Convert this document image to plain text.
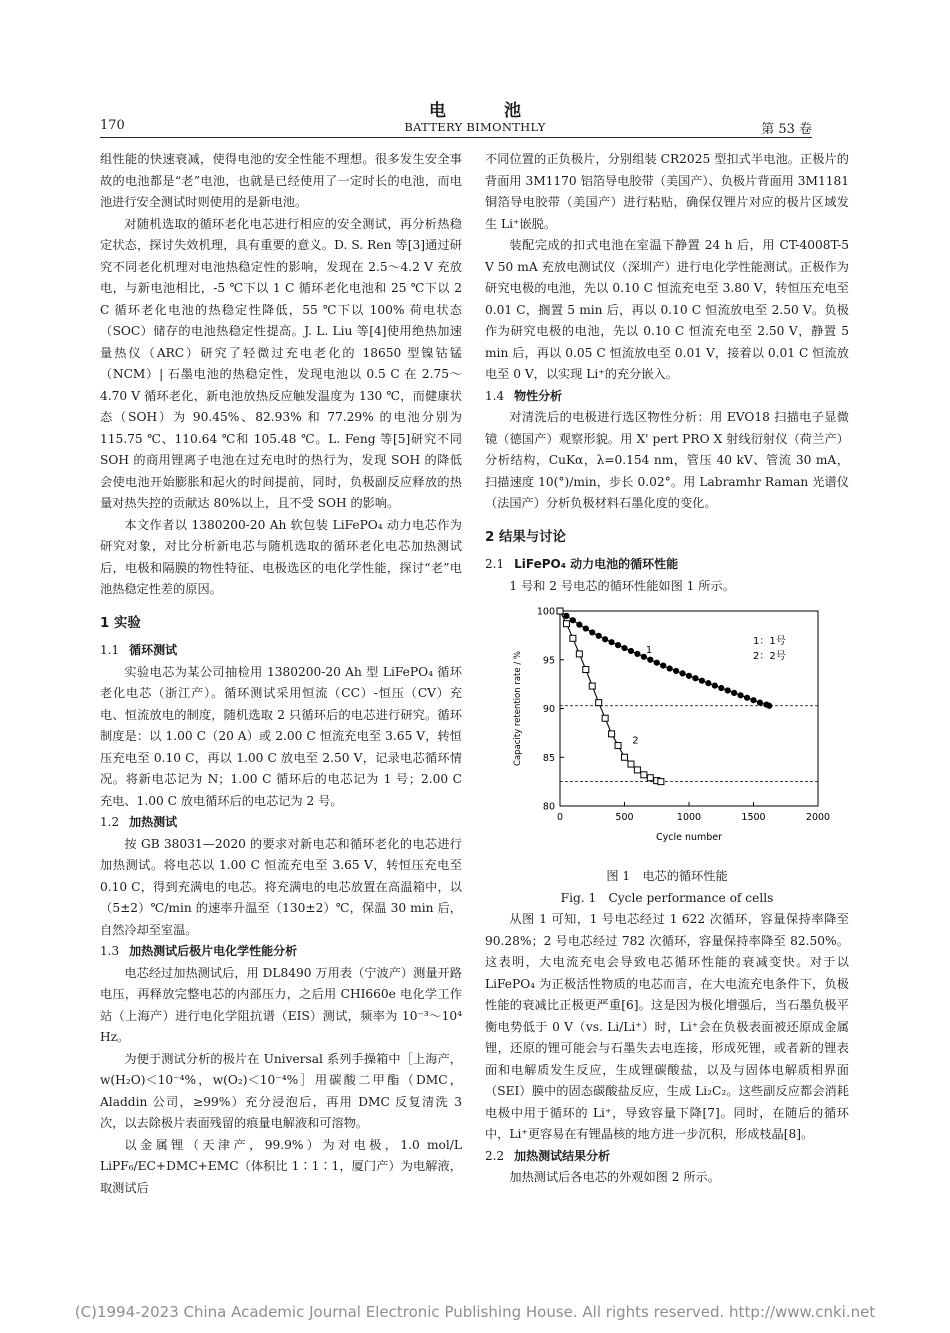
电池
170	BATTERY BIMONTHLY	第 53 卷

组性能的快速衰减，使得电池的安全性能不理想。很多发生安全事故的电池都是“老”电池，也就是已经使用了一定时长的电池，而电池进行安全测试时则使用的是新电池。

对随机选取的循环老化电芯进行相应的安全测试，再分析热稳定状态，探讨失效机理，具有重要的意义。D. S. Ren 等[3]通过研究不同老化机理对电池热稳定性的影响，发现在 2.5～4.2 V 充放电，与新电池相比，-5 ℃下以 1 C 循环老化电池和 25 ℃下以 2 C 循环老化电池的热稳定性降低，55 ℃下以 100% 荷电状态（SOC）储存的电池热稳定性提高。J. L. Liu 等[4]使用绝热加速量热仪（ARC）研究了轻微过充电老化的 18650 型镍钴锰（NCM）| 石墨电池的热稳定性，发现电池以 0.5 C 在 2.75～4.70 V 循环老化，新电池放热反应触发温度为 130 ℃，而健康状态（SOH）为 90.45%、82.93% 和 77.29% 的电池分别为 115.75 ℃、110.64 ℃和 105.48 ℃。L. Feng 等[5]研究不同 SOH 的商用锂离子电池在过充电时的热行为，发现 SOH 的降低会使电池开始膨胀和起火的时间提前，同时，负极副反应释放的热量对热失控的贡献达 80%以上，且不受 SOH 的影响。

本文作者以 1380200-20 Ah 软包装 LiFePO₄ 动力电芯作为研究对象，对比分析新电芯与随机选取的循环老化电芯加热测试后，电极和隔膜的物性特征、电极选区的电化学性能，探讨“老”电池热稳定性差的原因。

1 实验
1.1 循环测试

实验电芯为某公司抽检用 1380200-20 Ah 型 LiFePO₄ 循环老化电芯（浙江产）。循环测试采用恒流（CC）-恒压（CV）充电、恒流放电的制度，随机选取 2 只循环后的电芯进行研究。循环制度是：以 1.00 C（20 A）或 2.00 C 恒流充电至 3.65 V，转恒压充电至 0.10 C，再以 1.00 C 放电至 2.50 V，记录电芯循环情况。将新电芯记为 N；1.00 C 循环后的电芯记为 1 号；2.00 C 充电、1.00 C 放电循环后的电芯记为 2 号。

1.2 加热测试

按 GB 38031—2020 的要求对新电芯和循环老化的电芯进行加热测试。将电芯以 1.00 C 恒流充电至 3.65 V，转恒压充电至 0.10 C，得到充满电的电芯。将充满电的电芯放置在高温箱中，以（5±2）℃/min 的速率升温至（130±2）℃，保温 30 min 后，自然冷却至室温。

1.3 加热测试后极片电化学性能分析

电芯经过加热测试后，用 DL8490 万用表（宁波产）测量开路电压，再释放完整电芯的内部压力，之后用 CHI660e 电化学工作站（上海产）进行电化学阻抗谱（EIS）测试，频率为 10⁻³～10⁴ Hz。

为便于测试分析的极片在 Universal 系列手操箱中［上海产，w(H₂O)＜10⁻⁴%，w(O₂)＜10⁻⁴%］用碳酸二甲酯（DMC，Aladdin 公司，≥99%）充分浸泡后，再用 DMC 反复清洗 3 次，以去除极片表面残留的痕量电解液和可溶物。

以金属锂（天津产，99.9%）为对电极，1.0 mol/L LiPF₆/EC+DMC+EMC（体积比 1∶1∶1，厦门产）为电解液，取测试后

不同位置的正负极片，分别组装 CR2025 型扣式半电池。正极片的背面用 3M1170 铝箔导电胶带（美国产）、负极片背面用 3M1181 铜箔导电胶带（美国产）进行粘贴，确保仅锂片对应的极片区域发生 Li⁺嵌脱。

装配完成的扣式电池在室温下静置 24 h 后，用 CT-4008T-5 V 50 mA 充放电测试仪（深圳产）进行电化学性能测试。正极作为研究电极的电池，先以 0.10 C 恒流充电至 3.80 V，转恒压充电至 0.01 C，搁置 5 min 后，再以 0.10 C 恒流放电至 2.50 V。负极作为研究电极的电池，先以 0.10 C 恒流充电至 2.50 V，静置 5 min 后，再以 0.05 C 恒流放电至 0.01 V，接着以 0.01 C 恒流放电至 0 V，以实现 Li⁺的充分嵌入。

1.4 物性分析

对清洗后的电极进行选区物性分析：用 EVO18 扫描电子显微镜（德国产）观察形貌。用 X' pert PRO X 射线衍射仪（荷兰产）分析结构，CuKα，λ=0.154 nm，管压 40 kV、管流 30 mA，扫描速度 10(°)/min，步长 0.02°。用 Labramhr Raman 光谱仪（法国产）分析负极材料石墨化度的变化。

2 结果与讨论
2.1 LiFePO₄ 动力电池的循环性能

1 号和 2 号电芯的循环性能如图 1 所示。

0	500	1000	1500	2000
80
85
90
95
100
Cycle number
Capacity retention rate / %
1
2
1：1号
2：2号
图 1　电芯的循环性能
Fig. 1　Cycle performance of cells

从图 1 可知，1 号电芯经过 1 622 次循环，容量保持率降至 90.28%；2 号电芯经过 782 次循环，容量保持率降至 82.50%。这表明，大电流充电会导致电芯循环性能的衰减变快。对于以 LiFePO₄ 为正极活性物质的电芯而言，在大电流充电条件下，负极性能的衰减比正极更严重[6]。这是因为极化增强后，当石墨负极平衡电势低于 0 V（vs. Li/Li⁺）时，Li⁺会在负极表面被还原成金属锂，还原的锂可能会与石墨失去电连接，形成死锂，或者新的锂表面和电解质发生反应，生成锂碳酸盐，以及与固体电解质相界面（SEI）膜中的固态碳酸盐反应，生成 Li₂C₂。这些副反应都会消耗电极中用于循环的 Li⁺，导致容量下降[7]。同时，在随后的循环中，Li⁺更容易在有锂晶核的地方进一步沉积，形成枝晶[8]。

2.2 加热测试结果分析

加热测试后各电芯的外观如图 2 所示。

(C)1994-2023 China Academic Journal Electronic Publishing House. All rights reserved. http://www.cnki.net
